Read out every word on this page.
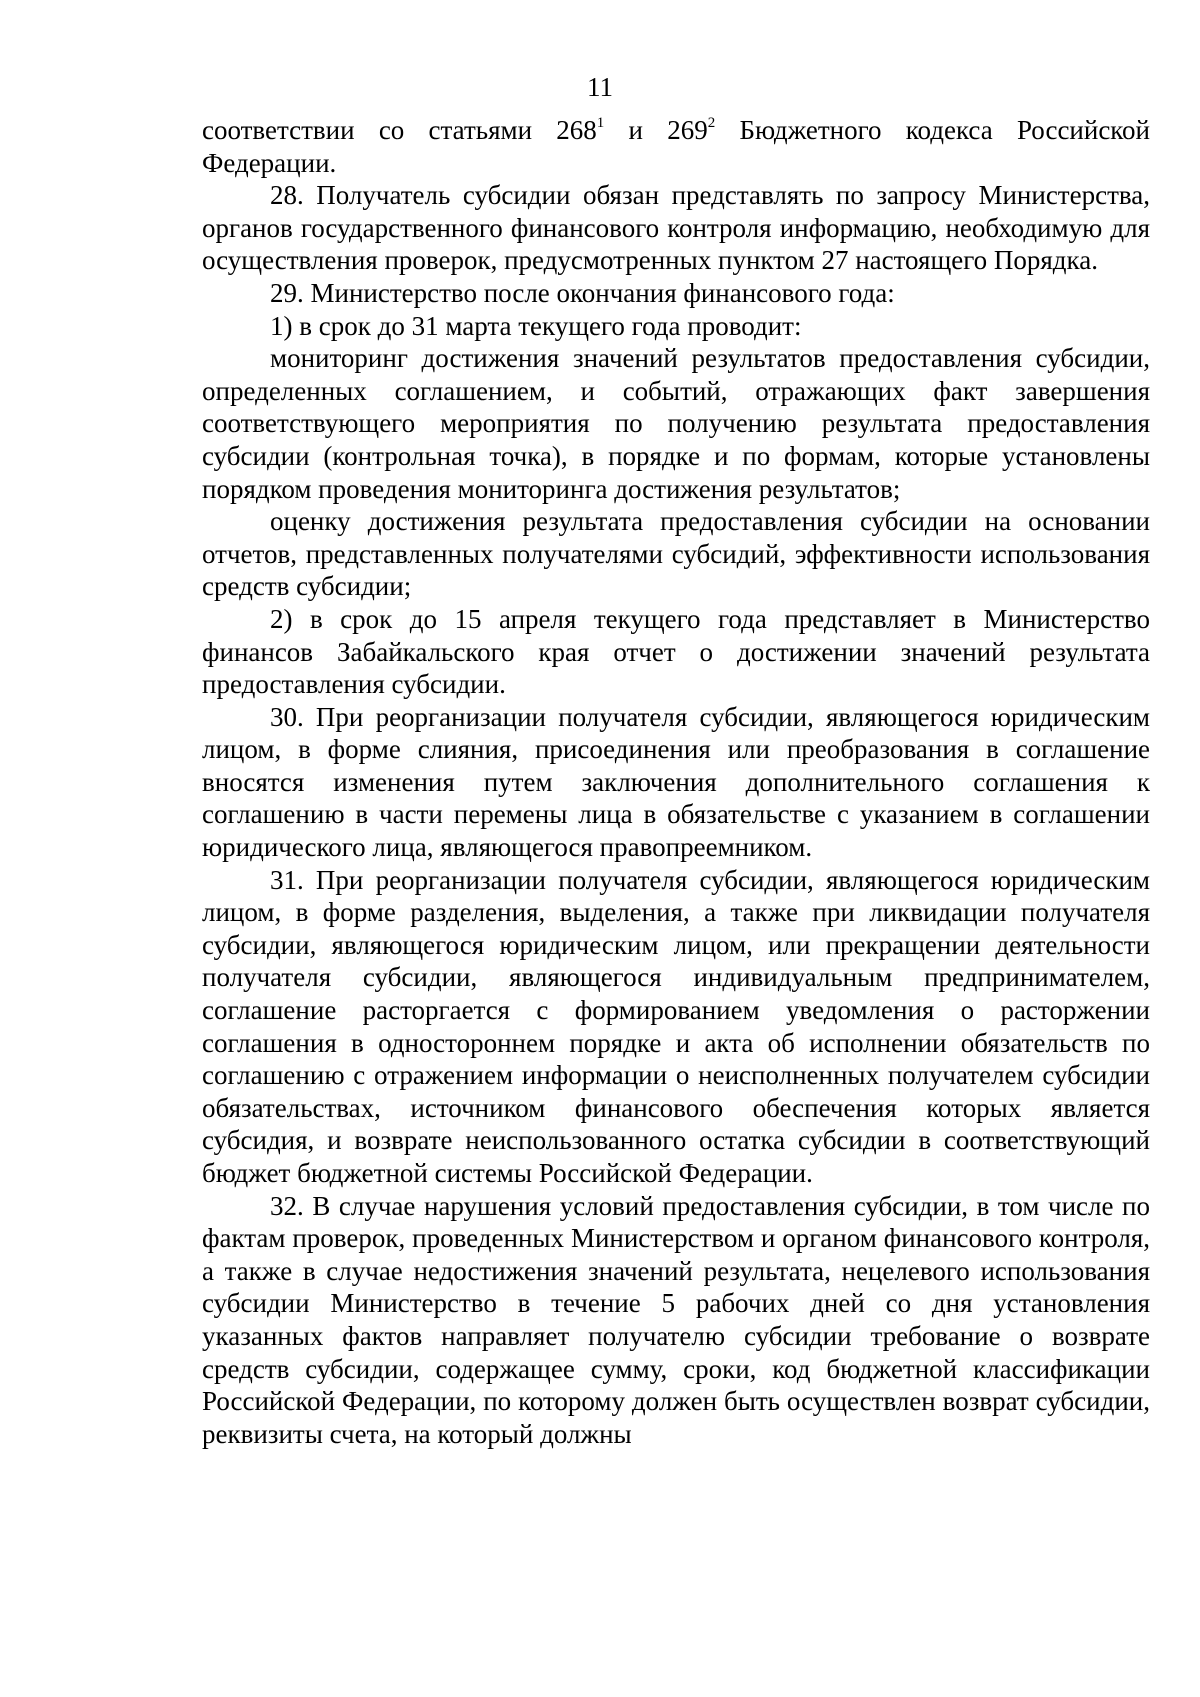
11

соответствии со статьями $268^1$ и $269^2$ Бюджетного кодекса Российской Федерации.

28. Получатель субсидии обязан представлять по запросу Министерства, органов государственного финансового контроля информацию, необходимую для осуществления проверок, предусмотренных пунктом 27 настоящего Порядка.

29. Министерство после окончания финансового года:

1) в срок до 31 марта текущего года проводит:

мониторинг достижения значений результатов предоставления субсидии, определенных соглашением, и событий, отражающих факт завершения соответствующего мероприятия по получению результата предоставления субсидии (контрольная точка), в порядке и по формам, которые установлены порядком проведения мониторинга достижения результатов;

оценку достижения результата предоставления субсидии на основании отчетов, представленных получателями субсидий, эффективности использования средств субсидии;

2) в срок до 15 апреля текущего года представляет в Министерство финансов Забайкальского края отчет о достижении значений результата предоставления субсидии.

30. При реорганизации получателя субсидии, являющегося юридическим лицом, в форме слияния, присоединения или преобразования в соглашение вносятся изменения путем заключения дополнительного соглашения к соглашению в части перемены лица в обязательстве с указанием в соглашении юридического лица, являющегося правопреемником.

31. При реорганизации получателя субсидии, являющегося юридическим лицом, в форме разделения, выделения, а также при ликвидации получателя субсидии, являющегося юридическим лицом, или прекращении деятельности получателя субсидии, являющегося индивидуальным предпринимателем, соглашение расторгается с формированием уведомления о расторжении соглашения в одностороннем порядке и акта об исполнении обязательств по соглашению с отражением информации о неисполненных получателем субсидии обязательствах, источником финансового обеспечения которых является субсидия, и возврате неиспользованного остатка субсидии в соответствующий бюджет бюджетной системы Российской Федерации.

32. В случае нарушения условий предоставления субсидии, в том числе по фактам проверок, проведенных Министерством и органом финансового контроля, а также в случае недостижения значений результата, нецелевого использования субсидии Министерство в течение 5 рабочих дней со дня установления указанных фактов направляет получателю субсидии требование о возврате средств субсидии, содержащее сумму, сроки, код бюджетной классификации Российской Федерации, по которому должен быть осуществлен возврат субсидии, реквизиты счета, на который должны
